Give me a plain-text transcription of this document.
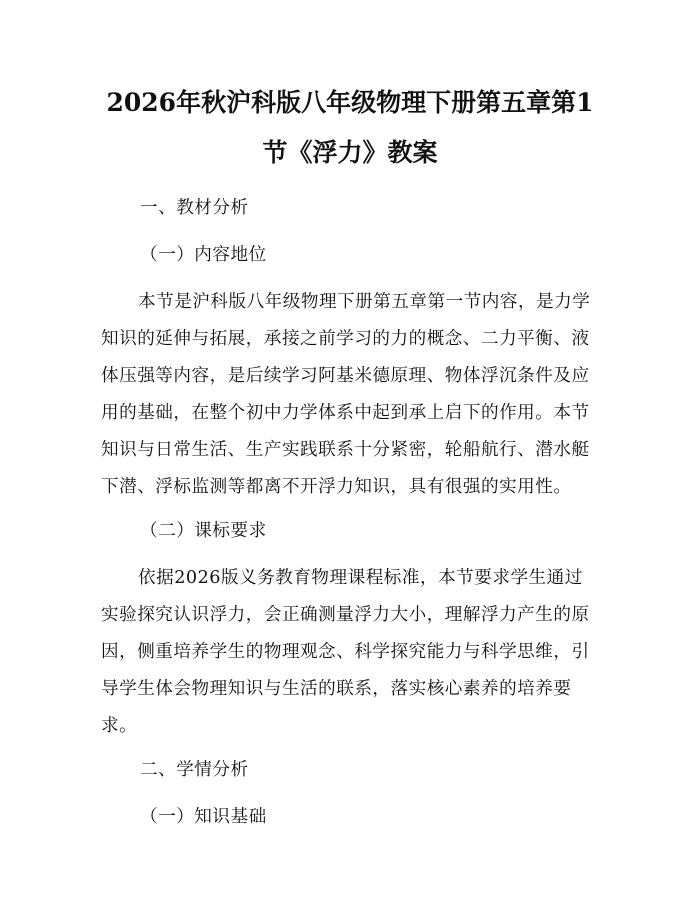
2026年秋沪科版八年级物理下册第五章第1
节《浮力》教案
一、教材分析
（一）内容地位
本节是沪科版八年级物理下册第五章第一节内容，是力学
知识的延伸与拓展，承接之前学习的力的概念、二力平衡、液
体压强等内容，是后续学习阿基米德原理、物体浮沉条件及应
用的基础，在整个初中力学体系中起到承上启下的作用。本节
知识与日常生活、生产实践联系十分紧密，轮船航行、潜水艇
下潜、浮标监测等都离不开浮力知识，具有很强的实用性。
（二）课标要求
依据2026版义务教育物理课程标准，本节要求学生通过
实验探究认识浮力，会正确测量浮力大小，理解浮力产生的原
因，侧重培养学生的物理观念、科学探究能力与科学思维，引
导学生体会物理知识与生活的联系，落实核心素养的培养要
求。
二、学情分析
（一）知识基础
